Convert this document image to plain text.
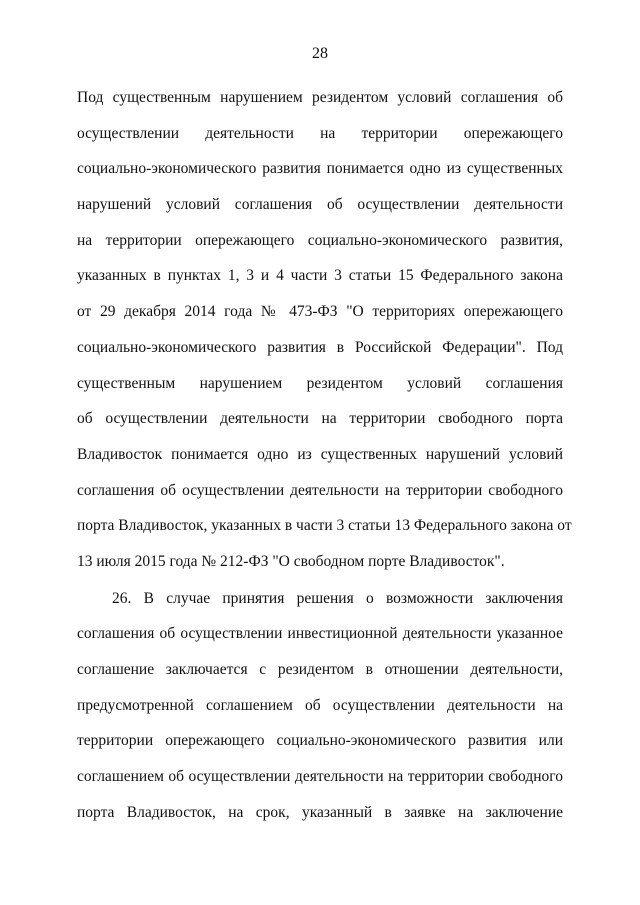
28
Под существенным нарушением резидентом условий соглашения об
осуществлении деятельности на территории опережающего
социально-экономического развития понимается одно из существенных
нарушений условий соглашения об осуществлении деятельности
на территории опережающего социально-экономического развития,
указанных в пунктах 1, 3 и 4 части 3 статьи 15 Федерального закона
от 29 декабря 2014 года № 473-ФЗ "О территориях опережающего
социально-экономического развития в Российской Федерации". Под
существенным нарушением резидентом условий соглашения
об осуществлении деятельности на территории свободного порта
Владивосток понимается одно из существенных нарушений условий
соглашения об осуществлении деятельности на территории свободного
порта Владивосток, указанных в части 3 статьи 13 Федерального закона от
13 июля 2015 года № 212-ФЗ "О свободном порте Владивосток".
26. В случае принятия решения о возможности заключения
соглашения об осуществлении инвестиционной деятельности указанное
соглашение заключается с резидентом в отношении деятельности,
предусмотренной соглашением об осуществлении деятельности на
территории опережающего социально-экономического развития или
соглашением об осуществлении деятельности на территории свободного
порта Владивосток, на срок, указанный в заявке на заключение
